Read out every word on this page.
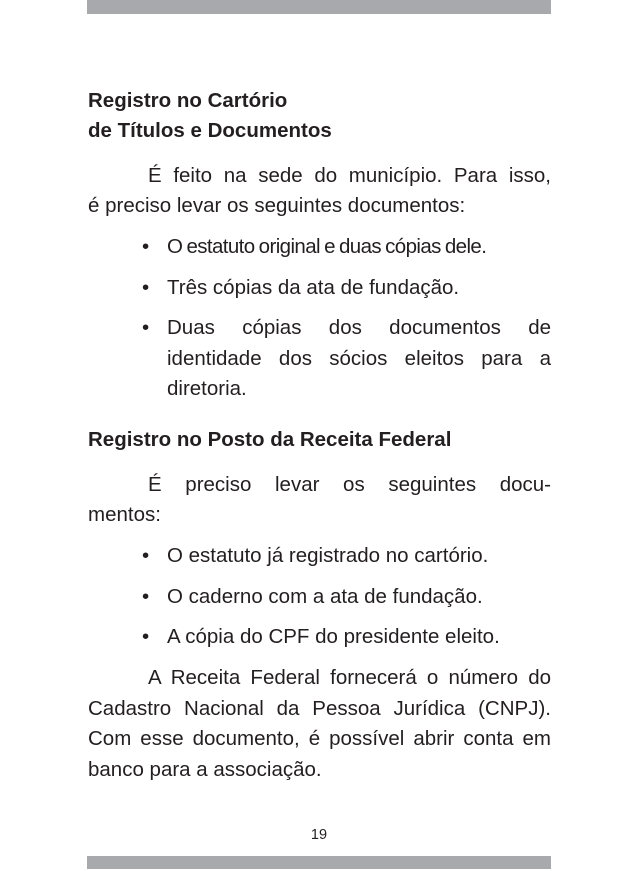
Registro no Cartório
de Títulos e Documentos

É feito na sede do município. Para isso,

é preciso levar os seguintes documentos:

• O estatuto original e duas cópias dele.

• Três cópias da ata de fundação.

• Duas cópias dos documentos de identidade dos sócios eleitos para a diretoria.

Registro no Posto da Receita Federal

É preciso levar os seguintes docu-

mentos:

• O estatuto já registrado no cartório.

• O caderno com a ata de fundação.

• A cópia do CPF do presidente eleito.

A Receita Federal fornecerá o número do Cadastro Nacional da Pessoa Jurídica (CNPJ). Com esse documento, é possível abrir conta em banco para a associação.

19
